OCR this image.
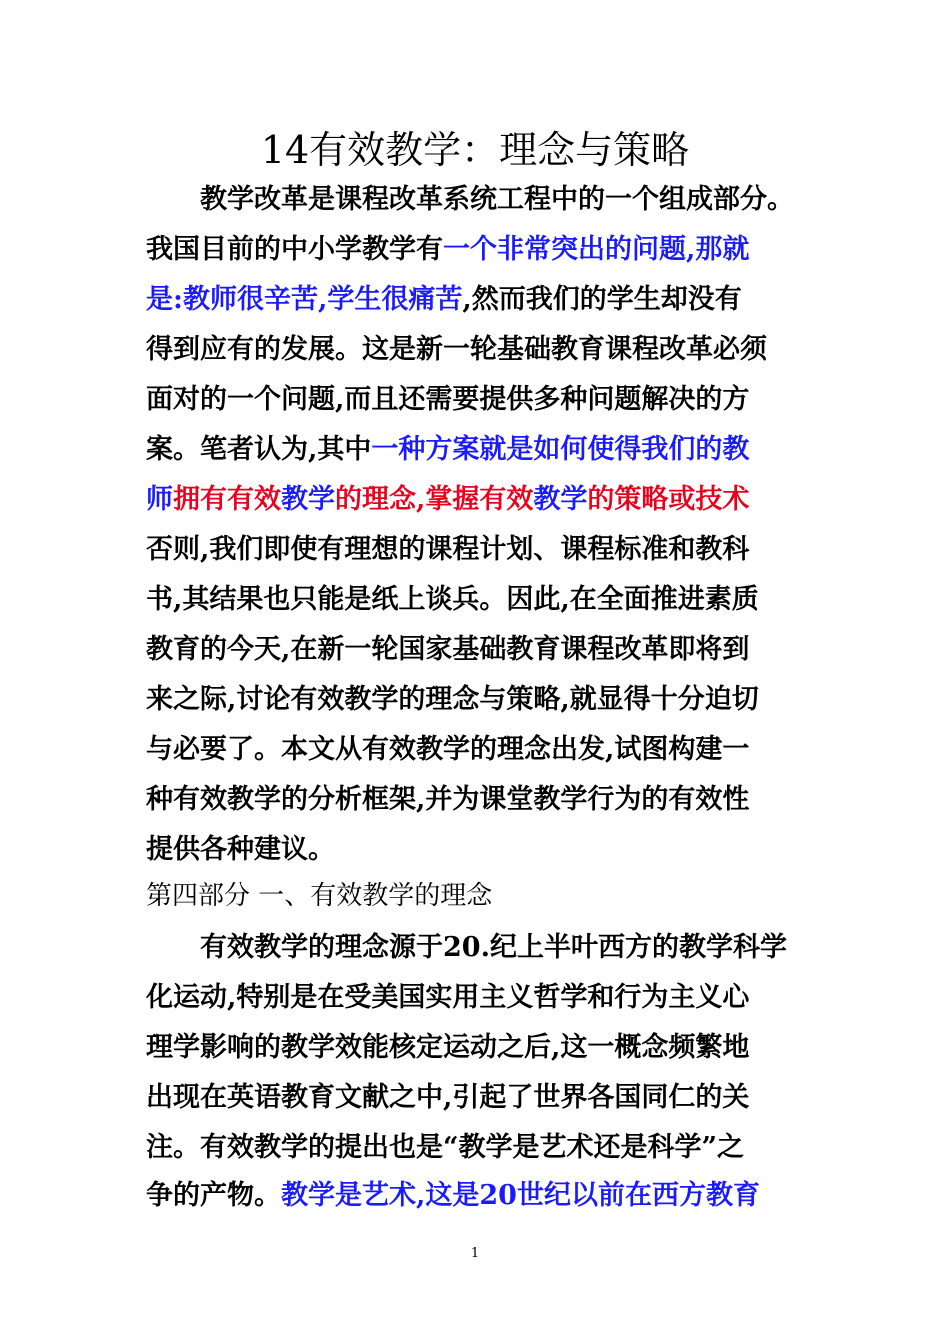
14有效教学：理念与策略
教学改革是课程改革系统工程中的一个组成部分。
我国目前的中小学教学有一个非常突出的问题,那就
是:教师很辛苦,学生很痛苦,然而我们的学生却没有
得到应有的发展。这是新一轮基础教育课程改革必须
面对的一个问题,而且还需要提供多种问题解决的方
案。笔者认为,其中一种方案就是如何使得我们的教
师拥有有效教学的理念,掌握有效教学的策略或技术
否则,我们即使有理想的课程计划、课程标准和教科
书,其结果也只能是纸上谈兵。因此,在全面推进素质
教育的今天,在新一轮国家基础教育课程改革即将到
来之际,讨论有效教学的理念与策略,就显得十分迫切
与必要了。本文从有效教学的理念出发,试图构建一
种有效教学的分析框架,并为课堂教学行为的有效性
提供各种建议。
第四部分 一、有效教学的理念
有效教学的理念源于20.纪上半叶西方的教学科学
化运动,特别是在受美国实用主义哲学和行为主义心
理学影响的教学效能核定运动之后,这一概念频繁地
出现在英语教育文献之中,引起了世界各国同仁的关
注。有效教学的提出也是“教学是艺术还是科学”之
争的产物。教学是艺术,这是20世纪以前在西方教育
1
